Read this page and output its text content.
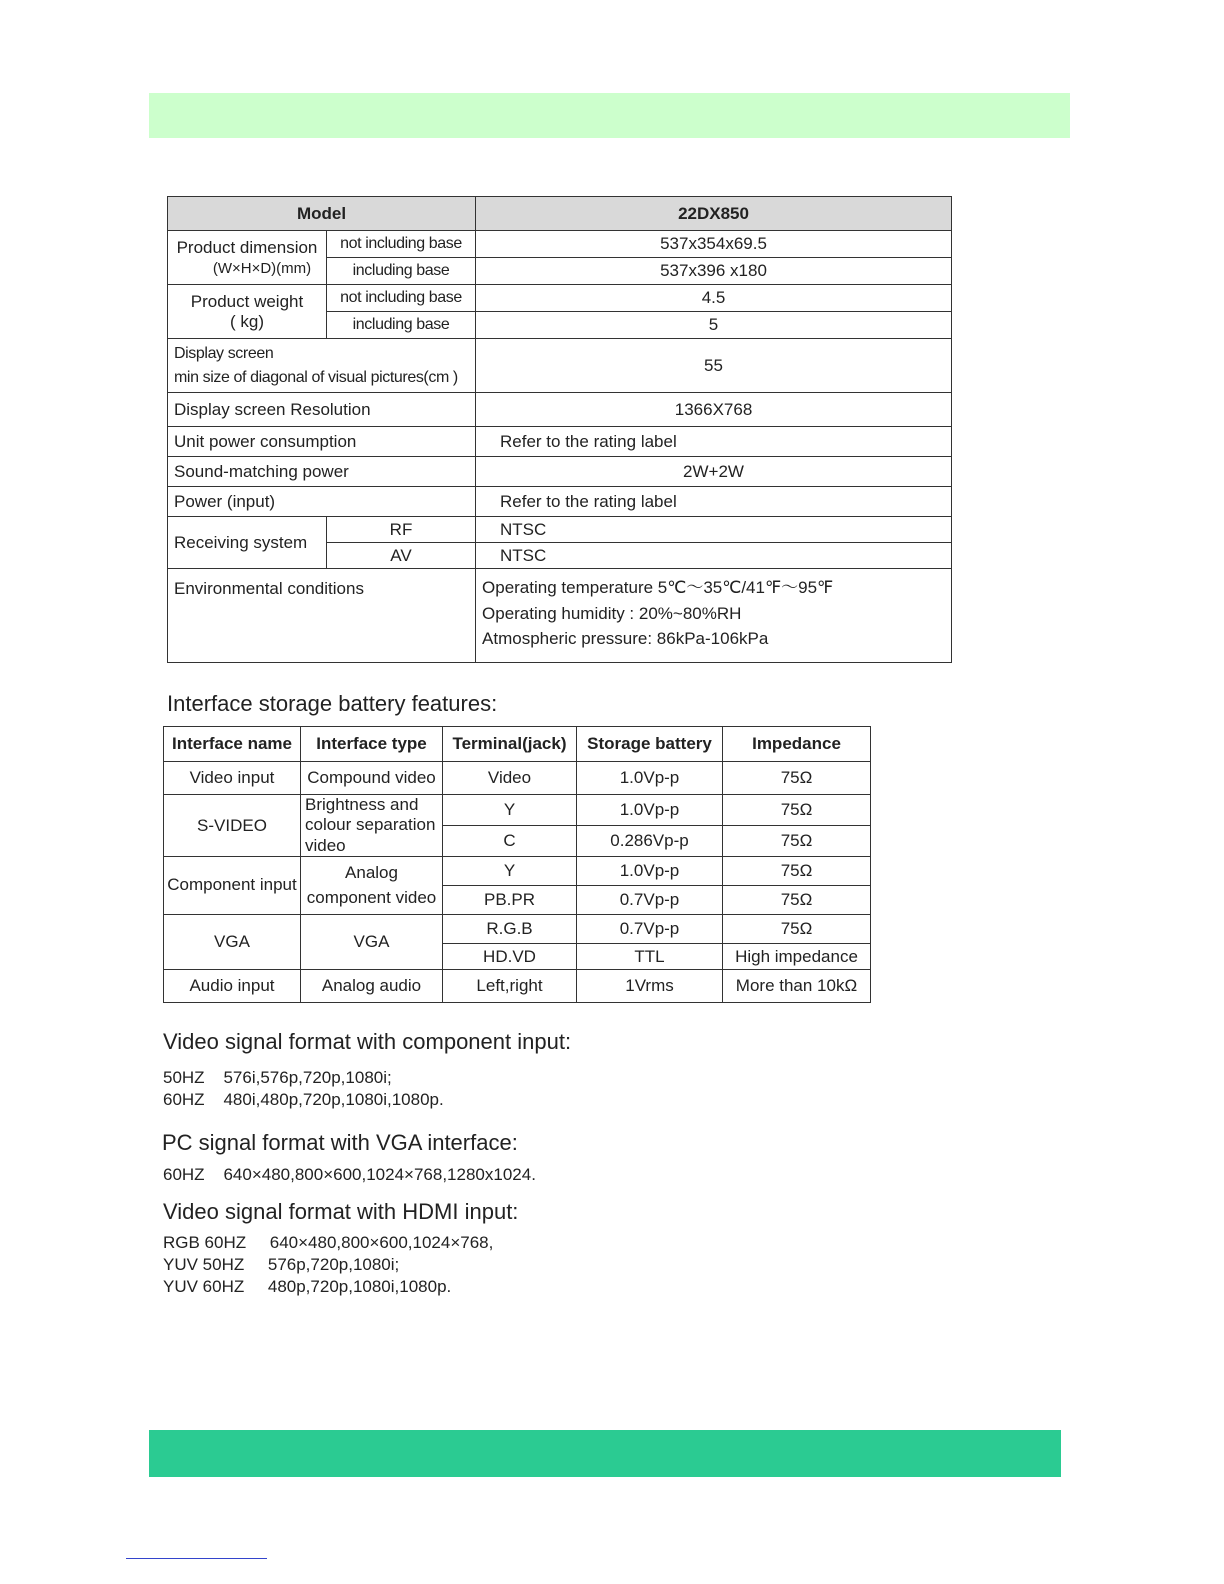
Model		22DX850
Product dimension
(W×H×D)(mm)	not including base	537x354x69.5
	including base	537x396 x180
Product weight
( kg)	not including base	4.5
	including base	5
Display screen
min size of diagonal of visual pictures(cm )		55
Display screen Resolution		1366X768
Unit power consumption		Refer to the rating label
Sound-matching power		2W+2W
Power (input)		Refer to the rating label
Receiving system	RF	NTSC
	AV	NTSC
Environmental conditions		Operating temperature 5℃～35℃/41℉～95℉
Operating humidity : 20%~80%RH
Atmospheric pressure: 86kPa-106kPa
Interface storage battery features:
Interface name	Interface type	Terminal(jack)	Storage battery	Impedance
Video input	Compound video	Video	1.0Vp-p	75Ω
S-VIDEO	Brightness and colour separation video	Y	1.0Vp-p	75Ω
		C	0.286Vp-p	75Ω
Component input	Analog component video	Y	1.0Vp-p	75Ω
		PB.PR	0.7Vp-p	75Ω
VGA	VGA	R.G.B	0.7Vp-p	75Ω
		HD.VD	TTL	High impedance
Audio input	Analog audio	Left,right	1Vrms	More than 10kΩ
Video signal format with component input:
50HZ    576i,576p,720p,1080i;
60HZ    480i,480p,720p,1080i,1080p.
PC signal format with VGA interface:
60HZ    640×480,800×600,1024×768,1280x1024.
Video signal format with HDMI input:
RGB 60HZ     640×480,800×600,1024×768,
YUV 50HZ     576p,720p,1080i;
YUV 60HZ     480p,720p,1080i,1080p.
